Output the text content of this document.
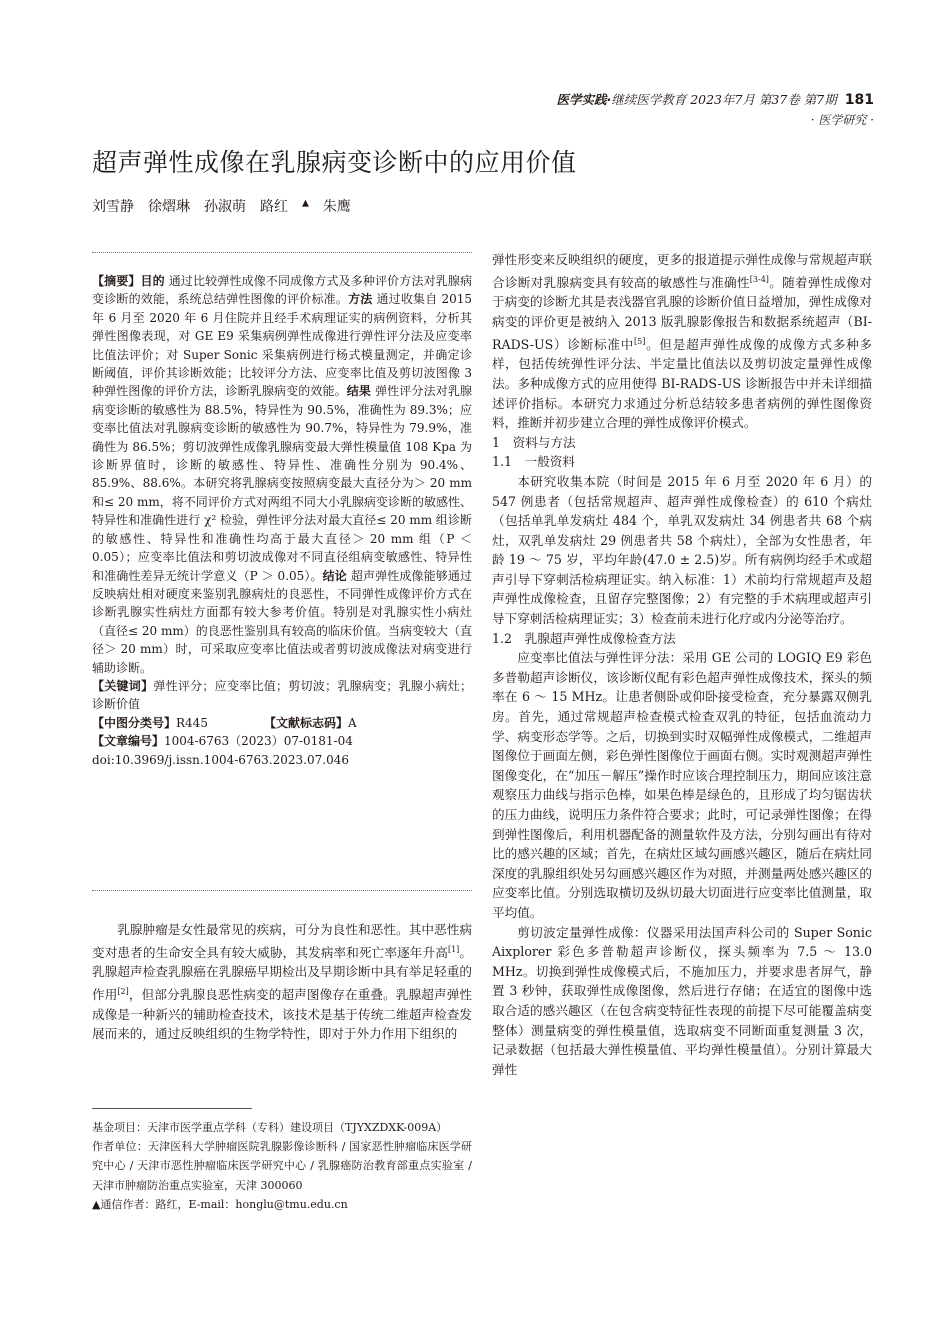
医学实践·继续医学教育 2023年7月 第37卷 第7期 181
· 医学研究 ·
超声弹性成像在乳腺病变诊断中的应用价值
刘雪静 徐熠琳 孙淑萌 路红 ▲ 朱鹰

【摘要】目的 通过比较弹性成像不同成像方式及多种评价方法对乳腺病变诊断的效能，系统总结弹性图像的评价标准。方法 通过收集自 2015 年 6 月至 2020 年 6 月住院并且经手术病理证实的病例资料，分析其弹性图像表现，对 GE E9 采集病例弹性成像进行弹性评分法及应变率比值法评价；对 Super Sonic 采集病例进行杨式模量测定，并确定诊断阈值，评价其诊断效能；比较评分方法、应变率比值及剪切波图像 3 种弹性图像的评价方法，诊断乳腺病变的效能。结果 弹性评分法对乳腺病变诊断的敏感性为 88.5%，特异性为 90.5%，准确性为 89.3%；应变率比值法对乳腺病变诊断的敏感性为 90.7%，特异性为 79.9%，准确性为 86.5%；剪切波弹性成像乳腺病变最大弹性模量值 108 Kpa 为诊断界值时，诊断的敏感性、特异性、准确性分别为 90.4%、85.9%、88.6%。本研究将乳腺病变按照病变最大直径分为＞ 20 mm 和≤ 20 mm，将不同评价方式对两组不同大小乳腺病变诊断的敏感性、特异性和准确性进行 χ² 检验，弹性评分法对最大直径≤ 20 mm 组诊断的敏感性、特异性和准确性均高于最大直径＞ 20 mm 组（P ＜ 0.05）；应变率比值法和剪切波成像对不同直径组病变敏感性、特异性和准确性差异无统计学意义（P ＞ 0.05）。结论 超声弹性成像能够通过反映病灶相对硬度来鉴别乳腺病灶的良恶性，不同弹性成像评价方式在诊断乳腺实性病灶方面都有较大参考价值。特别是对乳腺实性小病灶（直径≤ 20 mm）的良恶性鉴别具有较高的临床价值。当病变较大（直径＞ 20 mm）时，可采取应变率比值法或者剪切波成像法对病变进行辅助诊断。

【关键词】弹性评分；应变率比值；剪切波；乳腺病变；乳腺小病灶；诊断价值

【中图分类号】R445	【文献标志码】A

【文章编号】1004-6763（2023）07-0181-04

doi:10.3969/j.issn.1004-6763.2023.07.046

乳腺肿瘤是女性最常见的疾病，可分为良性和恶性。其中恶性病变对患者的生命安全具有较大威胁，其发病率和死亡率逐年升高[1]。乳腺超声检查乳腺癌在乳腺癌早期检出及早期诊断中具有举足轻重的作用[2]，但部分乳腺良恶性病变的超声图像存在重叠。乳腺超声弹性成像是一种新兴的辅助检查技术，该技术是基于传统二维超声检查发展而来的，通过反映组织的生物学特性，即对于外力作用下组织的

基金项目：天津市医学重点学科（专科）建设项目（TJYXZDXK-009A）

作者单位：天津医科大学肿瘤医院乳腺影像诊断科 / 国家恶性肿瘤临床医学研究中心 / 天津市恶性肿瘤临床医学研究中心 / 乳腺癌防治教育部重点实验室 / 天津市肿瘤防治重点实验室，天津 300060

▲通信作者：路红，E-mail：honglu@tmu.edu.cn

弹性形变来反映组织的硬度，更多的报道提示弹性成像与常规超声联合诊断对乳腺病变具有较高的敏感性与准确性[3-4]。随着弹性成像对于病变的诊断尤其是表浅器官乳腺的诊断价值日益增加，弹性成像对病变的评价更是被纳入 2013 版乳腺影像报告和数据系统超声（BI-RADS-US）诊断标准中[5]。但是超声弹性成像的成像方式多种多样，包括传统弹性评分法、半定量比值法以及剪切波定量弹性成像法。多种成像方式的应用使得 BI-RADS-US 诊断报告中并未详细描述评价指标。本研究力求通过分析总结较多患者病例的弹性图像资料，推断并初步建立合理的弹性成像评价模式。

1　资料与方法
1.1　一般资料

本研究收集本院（时间是 2015 年 6 月至 2020 年 6 月）的 547 例患者（包括常规超声、超声弹性成像检查）的 610 个病灶（包括单乳单发病灶 484 个，单乳双发病灶 34 例患者共 68 个病灶，双乳单发病灶 29 例患者共 58 个病灶），全部为女性患者，年龄 19 ～ 75 岁，平均年龄(47.0 ± 2.5)岁。所有病例均经手术或超声引导下穿刺活检病理证实。纳入标准：1）术前均行常规超声及超声弹性成像检查，且留存完整图像；2）有完整的手术病理或超声引导下穿刺活检病理证实；3）检查前未进行化疗或内分泌等治疗。

1.2　乳腺超声弹性成像检查方法

应变率比值法与弹性评分法：采用 GE 公司的 LOGIQ E9 彩色多普勒超声诊断仪，该诊断仪配有彩色超声弹性成像技术，探头的频率在 6 ～ 15 MHz。让患者侧卧或仰卧接受检查，充分暴露双侧乳房。首先，通过常规超声检查模式检查双乳的特征，包括血流动力学、病变形态学等。之后，切换到实时双幅弹性成像模式，二维超声图像位于画面左侧，彩色弹性图像位于画面右侧。实时观测超声弹性图像变化，在“加压－解压”操作时应该合理控制压力，期间应该注意观察压力曲线与指示色棒，如果色棒是绿色的，且形成了均匀锯齿状的压力曲线，说明压力条件符合要求；此时，可记录弹性图像；在得到弹性图像后，利用机器配备的测量软件及方法，分别勾画出有待对比的感兴趣的区域；首先，在病灶区域勾画感兴趣区，随后在病灶同深度的乳腺组织处另勾画感兴趣区作为对照，并测量两处感兴趣区的应变率比值。分别选取横切及纵切最大切面进行应变率比值测量，取平均值。

剪切波定量弹性成像：仪器采用法国声科公司的 Super Sonic Aixplorer 彩色多普勒超声诊断仪，探头频率为 7.5 ～ 13.0 MHz。切换到弹性成像模式后，不施加压力，并要求患者屏气，静置 3 秒钟，获取弹性成像图像，然后进行存储；在适宜的图像中选取合适的感兴趣区（在包含病变特征性表现的前提下尽可能覆盖病变整体）测量病变的弹性模量值，选取病变不同断面重复测量 3 次，记录数据（包括最大弹性模量值、平均弹性模量值）。分别计算最大弹性
